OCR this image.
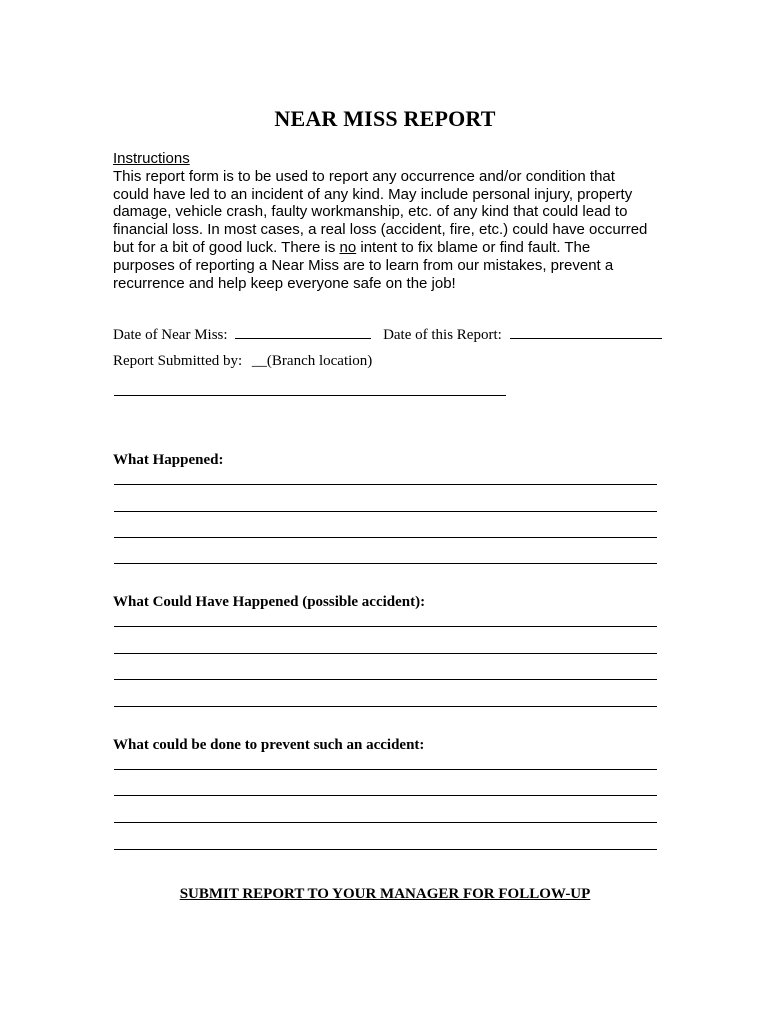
NEAR MISS REPORT
Instructions
This report form is to be used to report any occurrence and/or condition that
could have led to an incident of any kind. May include personal injury, property
damage, vehicle crash, faulty workmanship, etc. of any kind that could lead to
financial loss. In most cases, a real loss (accident, fire, etc.) could have occurred
but for a bit of good luck. There is no intent to fix blame or find fault. The
purposes of reporting a Near Miss are to learn from our mistakes, prevent a
recurrence and help keep everyone safe on the job!
Date of Near Miss:	Date of this Report:
Report Submitted by: __(Branch location)
What Happened:
What Could Have Happened (possible accident):
What could be done to prevent such an accident:
SUBMIT REPORT TO YOUR MANAGER FOR FOLLOW-UP
